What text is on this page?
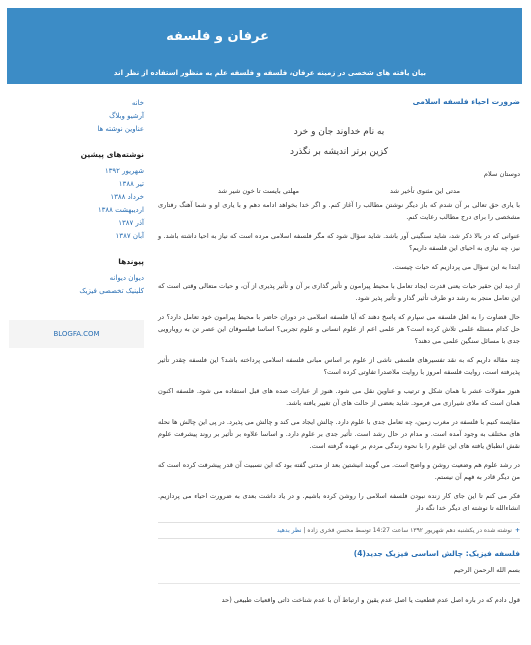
عرفان و فلسفه
بیان یافته های شخصی در زمینه عرفان، فلسفه و فلسفه علم به منظور استفاده از نظر اند
خانه
آرشیو وبلاگ
عناوین نوشته ها
نوشته‌های پیشین
شهریور ۱۳۹۲
تیر ۱۳۸۸
خرداد ۱۳۸۸
اردیبهشت ۱۳۸۸
آذر ۱۳۸۷
آبان ۱۳۸۷
پیوندها
دیوان دیوانه
کلینیک تخصصی فیزیک
BLOGFA.COM
ضرورت احیاء فلسفه اسلامی
به نام خداوند جان و خرد
کزین برتر اندیشه بر نگذرد
دوستان سلام
مدتی این مثنوی تأخیر شد
مهلتی بایست تا خون شیر شد
با یاری حق تعالی بر آن شدم که باز دیگر نوشتن مطالب را آغاز کنم. و اگر خدا بخواهد ادامه دهم و با یاری او و شما آهنگ رفتاری مشخصی را برای درج مطالب رعایت کنم.
عنوانی که در بالا ذکر شد، شاید سنگینی آور باشد. شاید سؤال شود که مگر فلسفه اسلامی مرده است که نیاز به احیا داشته باشد. و نیز، چه نیازی به احیای این فلسفه داریم؟
ابتدا به این سؤال می پردازیم که حیات چیست.
از دید این حقیر حیات یعنی قدرت ایجاد تعامل با محیط پیرامون و تأثیر گذاری بر آن و تأثیر پذیری از آن، و حیات متعالی وقتی است که این تعامل منجر به رشد دو طرف تأثیر گذار و تأثیر پذیر شود.
حال قضاوت را به اهل فلسفه می سپارم که پاسخ دهند که آیا فلسفه اسلامی در دوران حاضر با محیط پیرامون خود تعامل دارد؟ در حل کدام مسئله علمی تلاش کرده است؟ هر علمی اعم از علوم انسانی و علوم تجربی؟ اساسا فیلسوفان این عصر تن به رویارویی جدی با مسائل سنگین علمی می دهند؟
چند مقاله داریم که به نقد تفسیرهای فلسفی ناشی از علوم بر اساس مبانی فلسفه اسلامی پرداخته باشد؟ این فلسفه چقدر تأثیر پذیرفته است، روایت فلسفه امروز با روایت ملاصدرا تفاوتی کرده است؟
هنوز مقولات عشر با همان شکل و ترتیب و عناوین نقل می شود. هنوز از عبارات صده های قبل استفاده می شود. فلسفه اکنون همان است که ملای شیرازی می فرمود. شاید بعضی از حالت های آن تغییر یافته باشد.
مقایسه کنیم با فلسفه در مغرب زمین، چه تعامل جدی با علوم دارد. چالش ایجاد می کند و چالش می پذیرد. در پی این چالش ها نحله های مختلف به وجود آمده است. و مدام در حال رشد است. تأثیر جدی بر علوم دارد. و اساسا علاوه بر تأثیر بر روند پیشرفت علوم نقش انطباق یافته های این علوم را با نحوه زندگی مردم بر عهده گرفته است.
در رشد علوم هم وضعیت روشن و واضح است. می گویند انیشتین بعد از مدتی گفته بود که این نسبیت آن قدر پیشرفت کرده است که من دیگر قادر به فهم آن نیستم.
فکر می کنم تا این جای کار زنده نبودن فلسفه اسلامی را روشن کرده باشیم. و در یاد داشت بعدی به ضرورت احیاء می پردازیم. انشاءالله تا نوشته ای دیگر خدا نگه دار
+نوشته شده در یکشنبه دهم شهریور ۱۳۹۲ ساعت 14:27 توسط محسن فخری زاده | نظر بدهید
فلسفه فیزیک: چالش اساسی فیزیک جدید(4)
بسم الله الرحمن الرحیم
قول دادم که در باره اصل عدم قطعیت یا اصل عدم یقین و ارتباط آن با عدم شناخت ذاتی واقعیات طبیعی (حد
